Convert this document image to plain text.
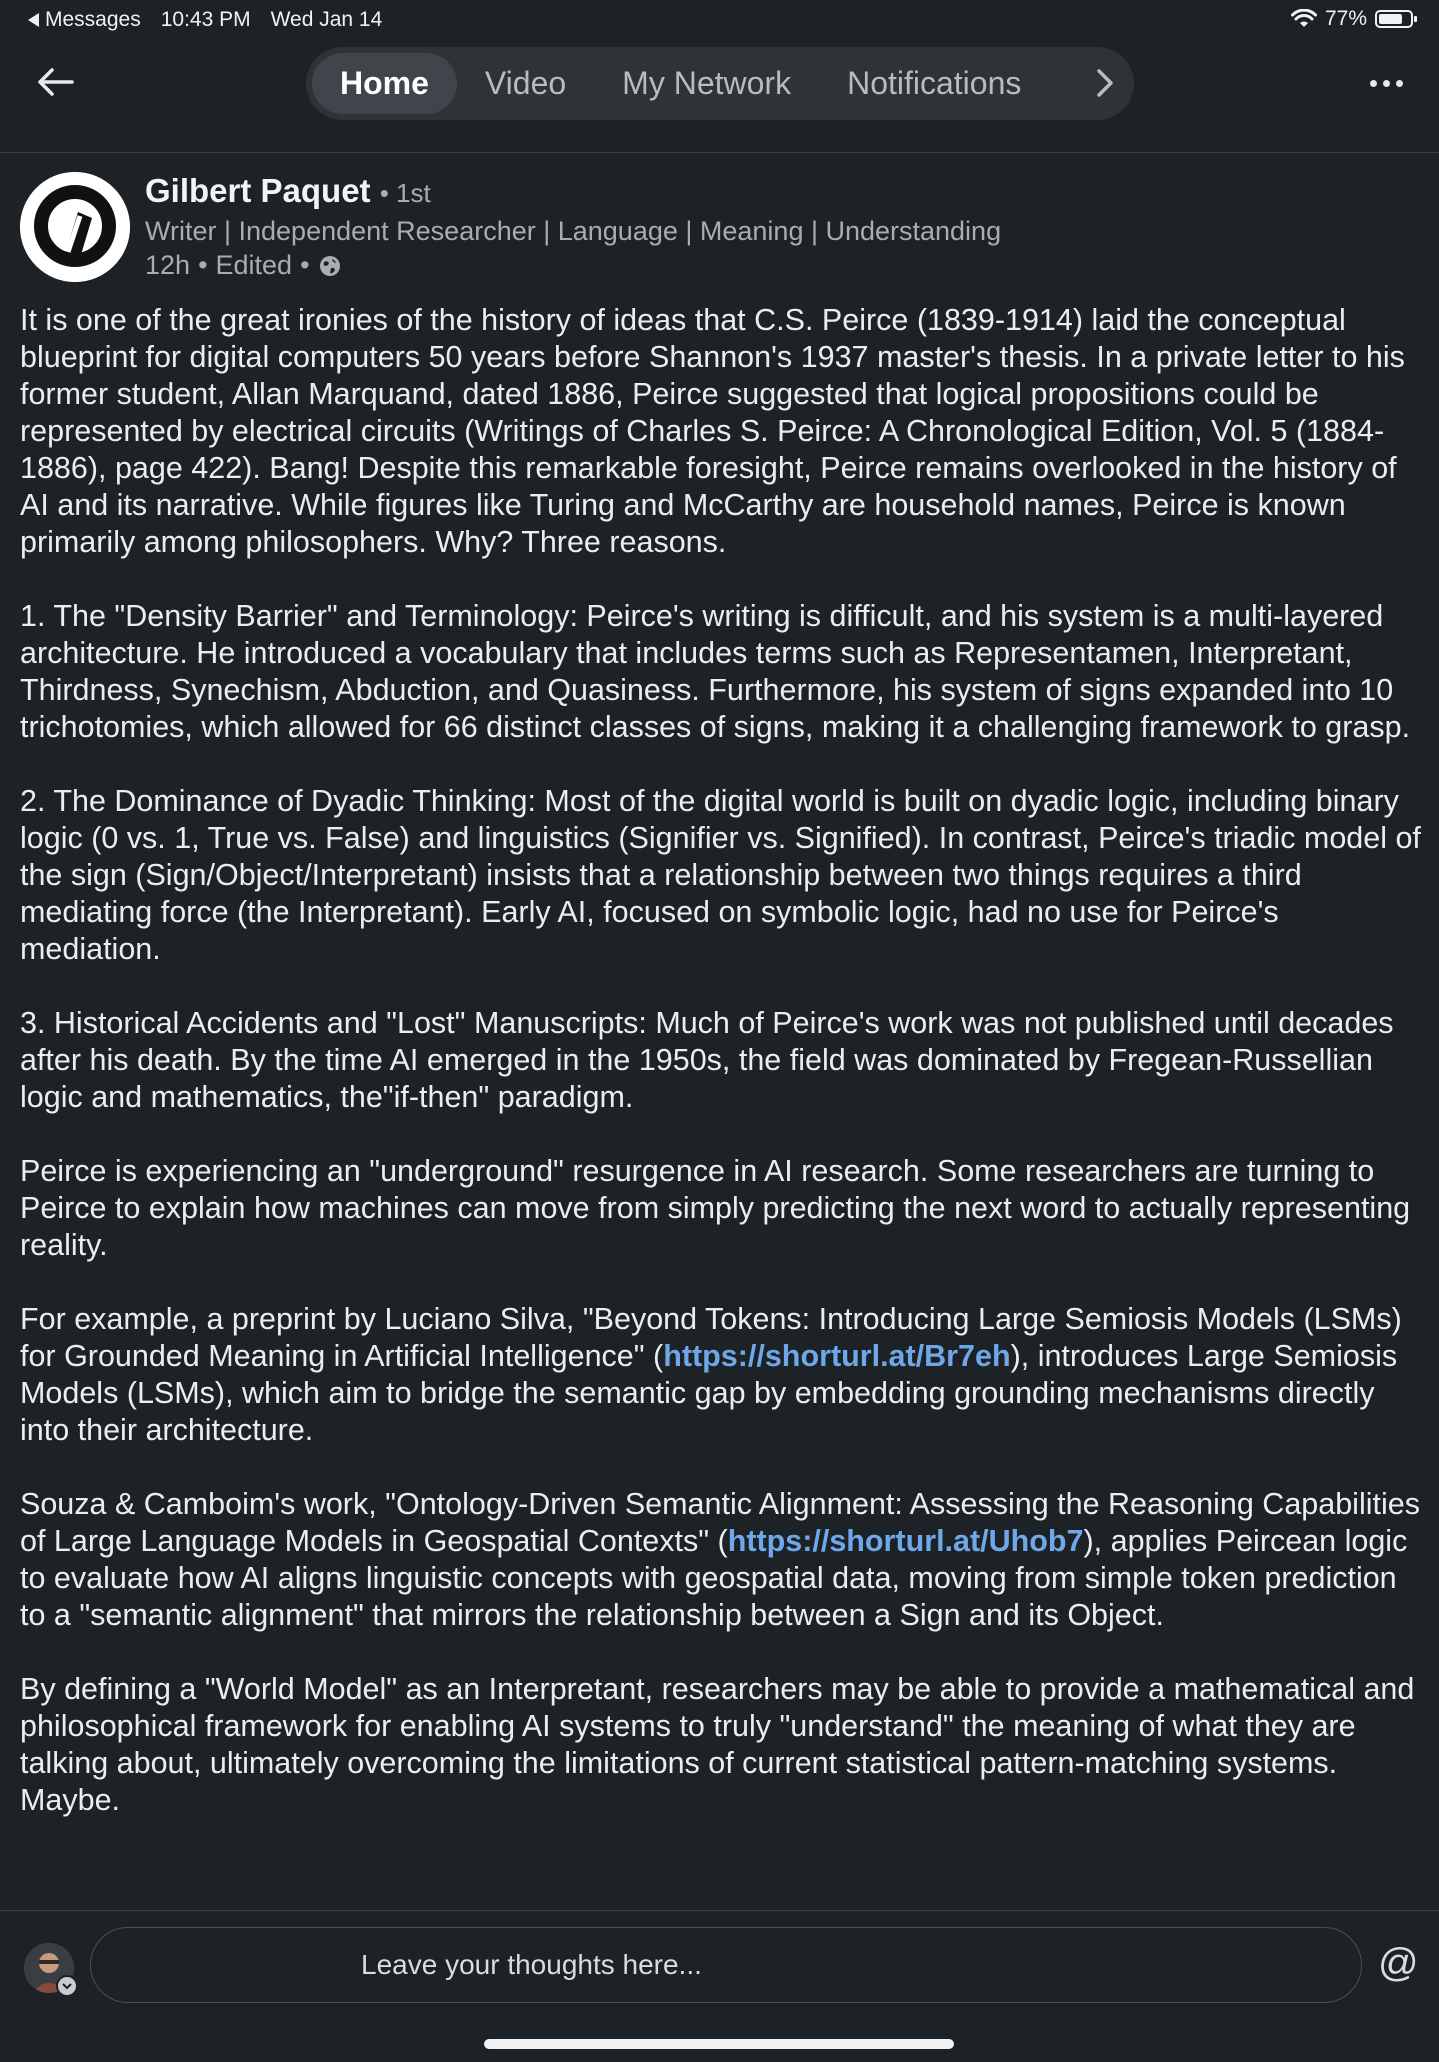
Messages 10:43 PM Wed Jan 14	77%
Home	Video	My Network	Notifications
Gilbert Paquet • 1st
Writer | Independent Researcher | Language | Meaning | Understanding
12h • Edited •

It is one of the great ironies of the history of ideas that C.S. Peirce (1839-1914) laid the conceptual blueprint for digital computers 50 years before Shannon's 1937 master's thesis. In a private letter to his former student, Allan Marquand, dated 1886, Peirce suggested that logical propositions could be represented by electrical circuits (Writings of Charles S. Peirce: A Chronological Edition, Vol. 5 (1884-1886), page 422). Bang! Despite this remarkable foresight, Peirce remains overlooked in the history of AI and its narrative. While figures like Turing and McCarthy are household names, Peirce is known primarily among philosophers. Why? Three reasons.

1. The "Density Barrier" and Terminology: Peirce's writing is difficult, and his system is a multi-layered architecture. He introduced a vocabulary that includes terms such as Representamen, Interpretant, Thirdness, Synechism, Abduction, and Quasiness. Furthermore, his system of signs expanded into 10 trichotomies, which allowed for 66 distinct classes of signs, making it a challenging framework to grasp.

2. The Dominance of Dyadic Thinking: Most of the digital world is built on dyadic logic, including binary logic (0 vs. 1, True vs. False) and linguistics (Signifier vs. Signified). In contrast, Peirce's triadic model of the sign (Sign/Object/Interpretant) insists that a relationship between two things requires a third mediating force (the Interpretant). Early AI, focused on symbolic logic, had no use for Peirce's mediation.

3. Historical Accidents and "Lost" Manuscripts: Much of Peirce's work was not published until decades after his death. By the time AI emerged in the 1950s, the field was dominated by Fregean-Russellian logic and mathematics, the"if-then" paradigm.

Peirce is experiencing an "underground" resurgence in AI research. Some researchers are turning to Peirce to explain how machines can move from simply predicting the next word to actually representing reality.

For example, a preprint by Luciano Silva, "Beyond Tokens: Introducing Large Semiosis Models (LSMs) for Grounded Meaning in Artificial Intelligence" (https://shorturl.at/Br7eh), introduces Large Semiosis Models (LSMs), which aim to bridge the semantic gap by embedding grounding mechanisms directly into their architecture.

Souza & Camboim's work, "Ontology-Driven Semantic Alignment: Assessing the Reasoning Capabilities of Large Language Models in Geospatial Contexts" (https://shorturl.at/Uhob7), applies Peircean logic to evaluate how AI aligns linguistic concepts with geospatial data, moving from simple token prediction to a "semantic alignment" that mirrors the relationship between a Sign and its Object.

By defining a "World Model" as an Interpretant, researchers may be able to provide a mathematical and philosophical framework for enabling AI systems to truly "understand" the meaning of what they are talking about, ultimately overcoming the limitations of current statistical pattern-matching systems. Maybe.

Leave your thoughts here...
@
